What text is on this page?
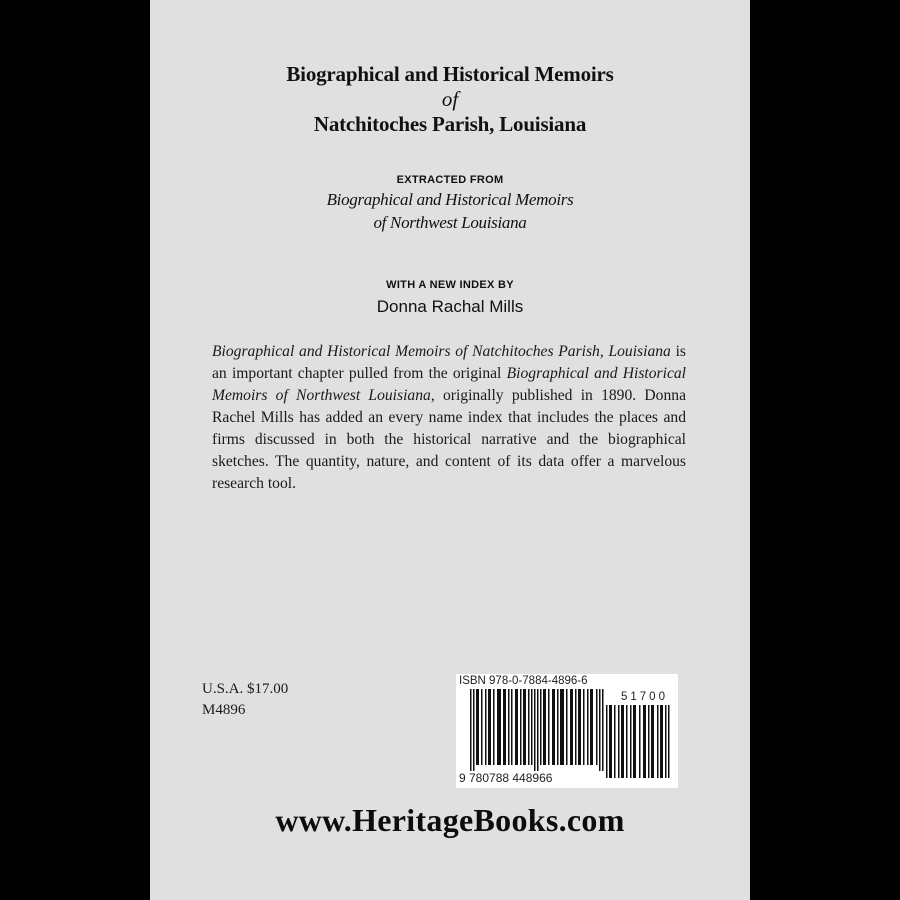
Biographical and Historical Memoirs
of
Natchitoches Parish, Louisiana
EXTRACTED FROM
Biographical and Historical Memoirs
of Northwest Louisiana
WITH A NEW INDEX BY
Donna Rachal Mills
Biographical and Historical Memoirs of Natchitoches Parish, Louisiana is an important chapter pulled from the original Biographical and Historical Memoirs of Northwest Louisiana, originally published in 1890. Donna Rachel Mills has added an every name index that includes the places and firms discussed in both the historical narrative and the biographical sketches. The quantity, nature, and content of its data offer a marvelous research tool.
U.S.A. $17.00
M4896
ISBN 978-0-7884-4896-6
51700
9 780788 448966
www.HeritageBooks.com
